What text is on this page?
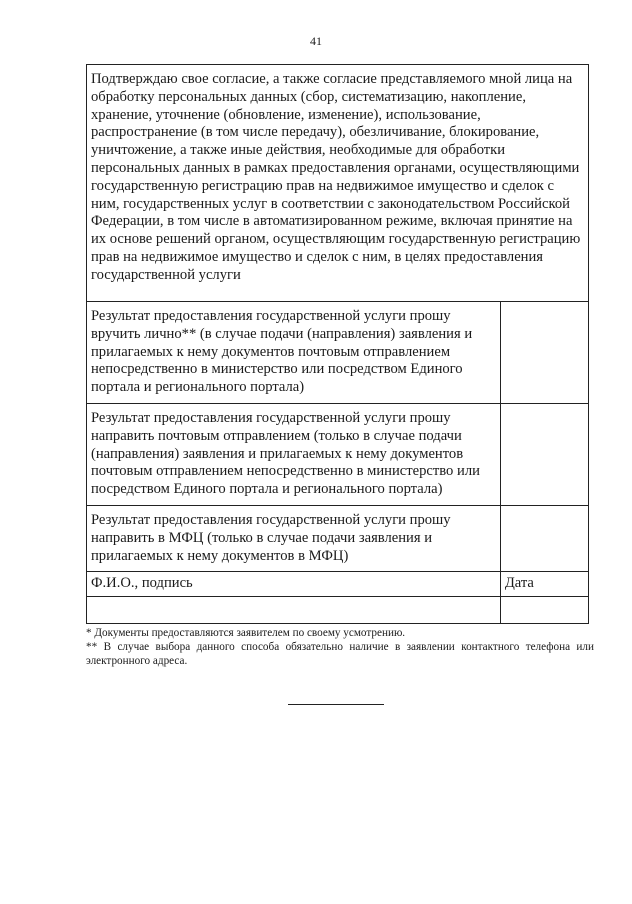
41
Подтверждаю свое согласие, а также согласие представляемого мной лица на обработку персональных данных (сбор, систематизацию, накопление, хранение, уточнение (обновление, изменение), использование, распространение (в том числе передачу), обезличивание, блокирование, уничтожение, а также иные действия, необходимые для обработки персональных данных в рамках предоставления органами, осуществляющими государственную регистрацию прав на недвижимое имущество и сделок с ним, государственных услуг в соответствии с законодательством Российской Федерации, в том числе в автоматизированном режиме, включая принятие на их основе решений органом, осуществляющим государственную регистрацию прав на недвижимое имущество и сделок с ним, в целях предоставления государственной услуги	
Результат предоставления государственной услуги прошу вручить лично** (в случае подачи (направления) заявления и прилагаемых к нему документов почтовым отправлением непосредственно в министерство или посредством Единого портала и регионального портала)	
Результат предоставления государственной услуги прошу направить почтовым отправлением (только в случае подачи (направления) заявления и прилагаемых к нему документов почтовым отправлением непосредственно в министерство или посредством Единого портала и регионального портала)	
Результат предоставления государственной услуги прошу направить в МФЦ (только в случае подачи заявления и прилагаемых к нему документов в МФЦ)	
Ф.И.О., подпись	Дата

* Документы предоставляются заявителем по своему усмотрению.

** В случае выбора данного способа обязательно наличие в заявлении контактного телефона или электронного адреса.
